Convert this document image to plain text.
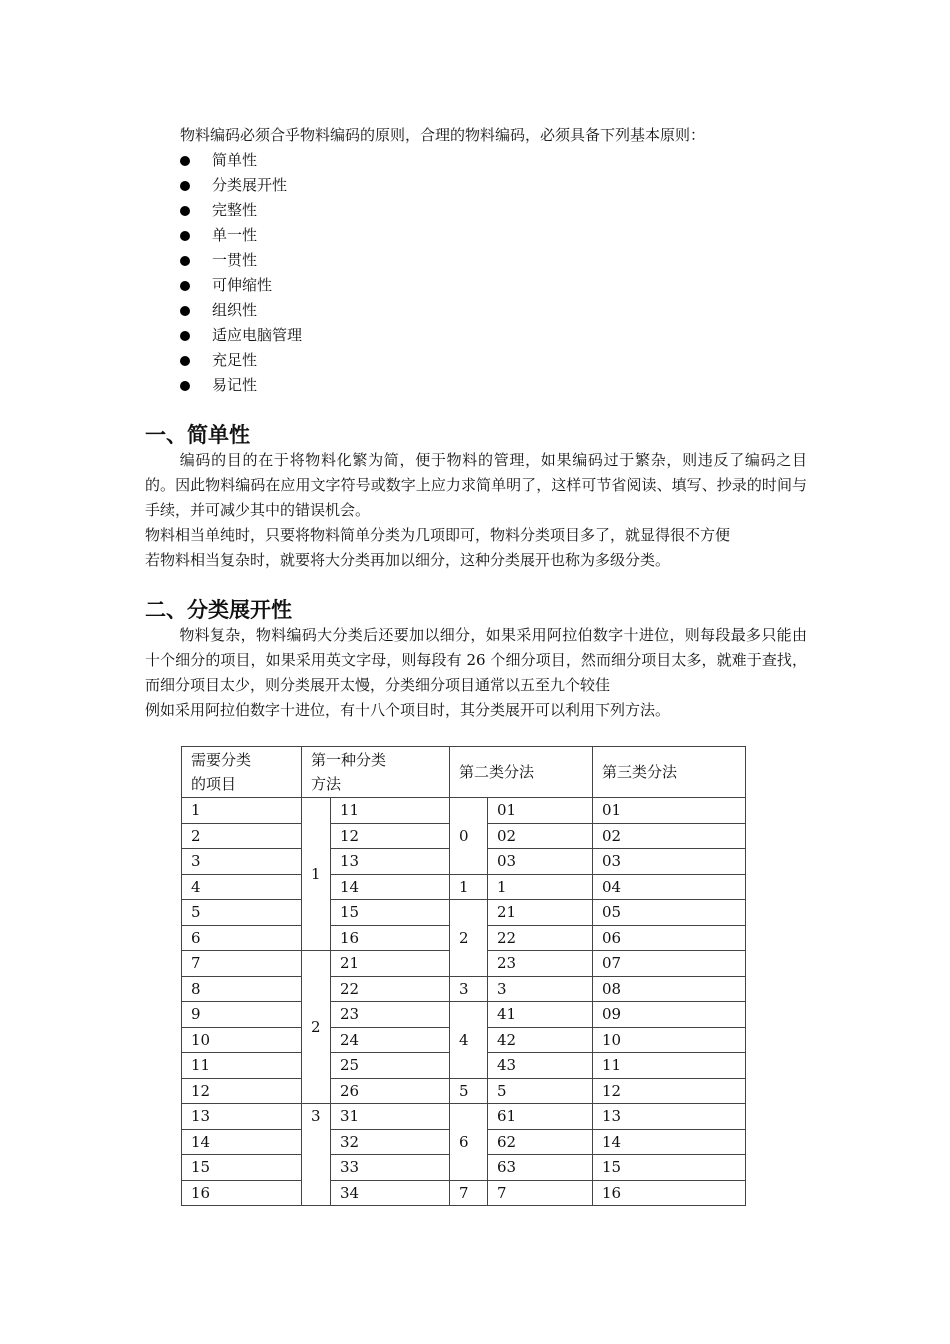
物料编码必须合乎物料编码的原则，合理的物料编码，必须具备下列基本原则：

简单性
分类展开性
完整性
单一性
一贯性
可伸缩性
组织性
适应电脑管理
充足性
易记性
一、简单性

编码的目的在于将物料化繁为简，便于物料的管理，如果编码过于繁杂，则违反了编码之目的。因此物料编码在应用文字符号或数字上应力求简单明了，这样可节省阅读、填写、抄录的时间与手续，并可减少其中的错误机会。

物料相当单纯时，只要将物料简单分类为几项即可，物料分类项目多了，就显得很不方便

若物料相当复杂时，就要将大分类再加以细分，这种分类展开也称为多级分类。

二、分类展开性

物料复杂，物料编码大分类后还要加以细分，如果采用阿拉伯数字十进位，则每段最多只能由十个细分的项目，如果采用英文字母，则每段有 26 个细分项目，然而细分项目太多，就难于查找，而细分项目太少，则分类展开太慢，分类细分项目通常以五至九个较佳

例如采用阿拉伯数字十进位，有十八个项目时，其分类展开可以利用下列方法。

需要分类
的项目	第一种分类
方法		第二类分法		第三类分法
1	1	11	0	01	01
2		12		02	02
3		13		03	03
4		14	1	1	04
5		15	2	21	05
6		16		22	06
7	2	21		23	07
8		22	3	3	08
9		23	4	41	09
10		24		42	10
11		25		43	11
12		26	5	5	12
13	3	31	6	61	13
14		32		62	14
15		33		63	15
16		34	7	7	16
